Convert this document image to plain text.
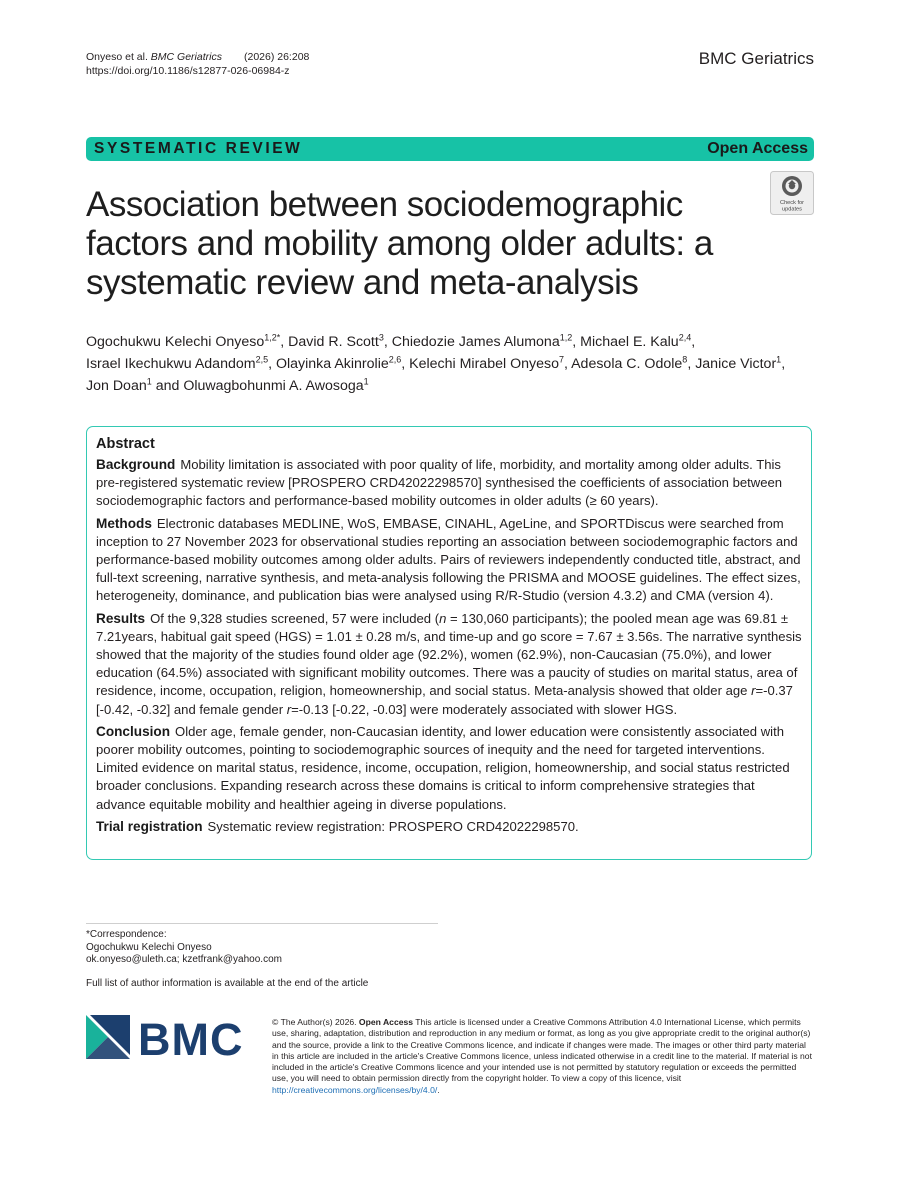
Onyeso et al. BMC Geriatrics (2026) 26:208
https://doi.org/10.1186/s12877-026-06984-z
BMC Geriatrics
SYSTEMATIC REVIEW	Open Access
Association between sociodemographic factors and mobility among older adults: a systematic review and meta-analysis
Check for
updates
Ogochukwu Kelechi Onyeso$^{1,2*}$, David R. Scott$^3$, Chiedozie James Alumona$^{1,2}$, Michael E. Kalu$^{2,4}$,
Israel Ikechukwu Adandom$^{2,5}$, Olayinka Akinrolie$^{2,6}$, Kelechi Mirabel Onyeso$^7$, Adesola C. Odole$^8$, Janice Victor$^1$,
Jon Doan$^1$ and Oluwagbohunmi A. Awosoga$^1$
Abstract

Background Mobility limitation is associated with poor quality of life, morbidity, and mortality among older adults. This pre-registered systematic review [PROSPERO CRD42022298570] synthesised the coefficients of association between sociodemographic factors and performance-based mobility outcomes in older adults (≥ 60 years).

Methods Electronic databases MEDLINE, WoS, EMBASE, CINAHL, AgeLine, and SPORTDiscus were searched from inception to 27 November 2023 for observational studies reporting an association between sociodemographic factors and performance-based mobility outcomes among older adults. Pairs of reviewers independently conducted title, abstract, and full-text screening, narrative synthesis, and meta-analysis following the PRISMA and MOOSE guidelines. The effect sizes, heterogeneity, dominance, and publication bias were analysed using R/R-Studio (version 4.3.2) and CMA (version 4).

Results Of the 9,328 studies screened, 57 were included (n = 130,060 participants); the pooled mean age was 69.81 ± 7.21years, habitual gait speed (HGS) = 1.01 ± 0.28 m/s, and time-up and go score = 7.67 ± 3.56s. The narrative synthesis showed that the majority of the studies found older age (92.2%), women (62.9%), non-Caucasian (75.0%), and lower education (64.5%) associated with significant mobility outcomes. There was a paucity of studies on marital status, area of residence, income, occupation, religion, homeownership, and social status. Meta-analysis showed that older age r=-0.37 [-0.42, -0.32] and female gender r=-0.13 [-0.22, -0.03] were moderately associated with slower HGS.

Conclusion Older age, female gender, non-Caucasian identity, and lower education were consistently associated with poorer mobility outcomes, pointing to sociodemographic sources of inequity and the need for targeted interventions. Limited evidence on marital status, residence, income, occupation, religion, homeownership, and social status restricted broader conclusions. Expanding research across these domains is critical to inform comprehensive strategies that advance equitable mobility and healthier ageing in diverse populations.

Trial registration Systematic review registration: PROSPERO CRD42022298570.

*Correspondence:
Ogochukwu Kelechi Onyeso
ok.onyeso@uleth.ca; kzetfrank@yahoo.com
Full list of author information is available at the end of the article
BMC	© The Author(s) 2026. Open Access This article is licensed under a Creative Commons Attribution 4.0 International License, which permits use, sharing, adaptation, distribution and reproduction in any medium or format, as long as you give appropriate credit to the original author(s) and the source, provide a link to the Creative Commons licence, and indicate if changes were made. The images or other third party material in this article are included in the article's Creative Commons licence, unless indicated otherwise in a credit line to the material. If material is not included in the article's Creative Commons licence and your intended use is not permitted by statutory regulation or exceeds the permitted use, you will need to obtain permission directly from the copyright holder. To view a copy of this licence, visit http://creativecommons.org/licenses/by/4.0/.
